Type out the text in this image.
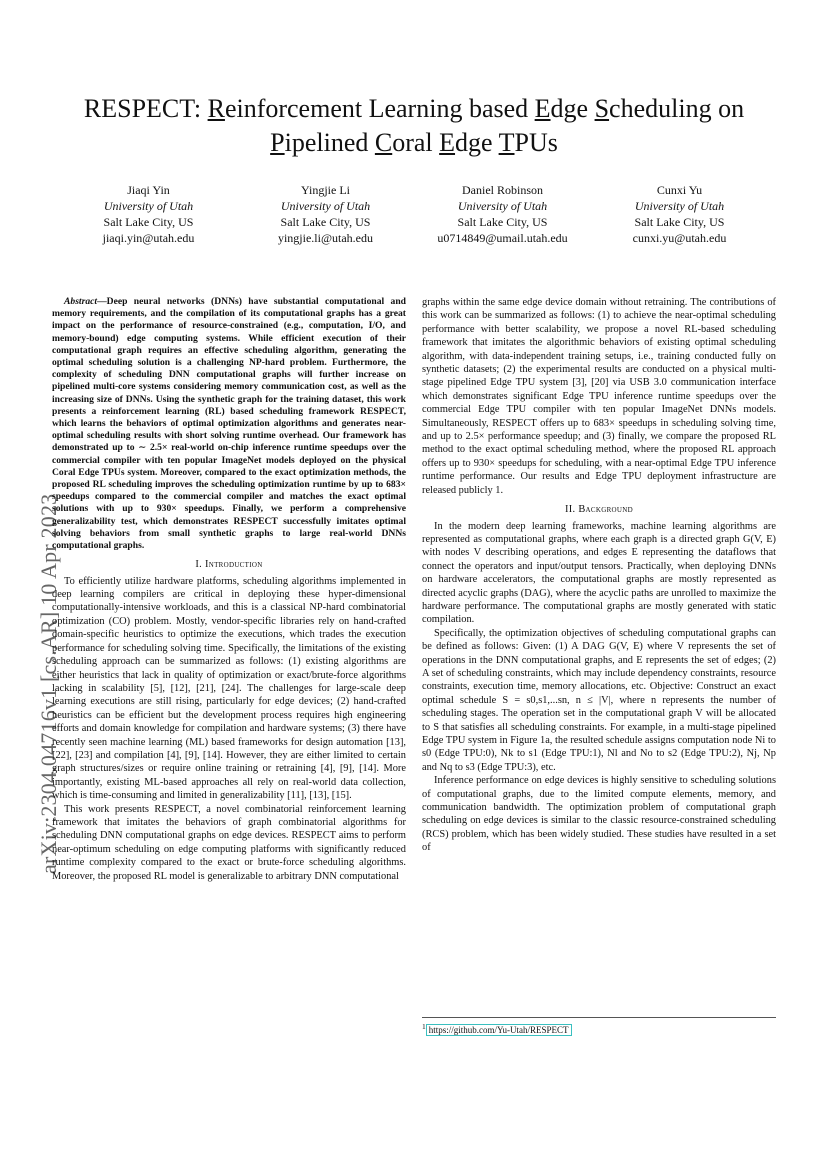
RESPECT: Reinforcement Learning based Edge Scheduling on
Pipelined Coral Edge TPUs
Jiaqi Yin
University of Utah
Salt Lake City, US
jiaqi.yin@utah.edu
Yingjie Li
University of Utah
Salt Lake City, US
yingjie.li@utah.edu
Daniel Robinson
University of Utah
Salt Lake City, US
u0714849@umail.utah.edu
Cunxi Yu
University of Utah
Salt Lake City, US
cunxi.yu@utah.edu
arXiv:2304.04716v1 [cs.AR] 10 Apr 2023

Abstract—Deep neural networks (DNNs) have substantial computational and memory requirements, and the compilation of its computational graphs has a great impact on the performance of resource-constrained (e.g., computation, I/O, and memory-bound) edge computing systems. While efficient execution of their computational graph requires an effective scheduling algorithm, generating the optimal scheduling solution is a challenging NP-hard problem. Furthermore, the complexity of scheduling DNN computational graphs will further increase on pipelined multi-core systems considering memory communication cost, as well as the increasing size of DNNs. Using the synthetic graph for the training dataset, this work presents a reinforcement learning (RL) based scheduling framework RESPECT, which learns the behaviors of optimal optimization algorithms and generates near-optimal scheduling results with short solving runtime overhead. Our framework has demonstrated up to ∼ 2.5× real-world on-chip inference runtime speedups over the commercial compiler with ten popular ImageNet models deployed on the physical Coral Edge TPUs system. Moreover, compared to the exact optimization methods, the proposed RL scheduling improves the scheduling optimization runtime by up to 683× speedups compared to the commercial compiler and matches the exact optimal solutions with up to 930× speedups. Finally, we perform a comprehensive generalizability test, which demonstrates RESPECT successfully imitates optimal solving behaviors from small synthetic graphs to large real-world DNNs computational graphs.

I. Introduction

To efficiently utilize hardware platforms, scheduling algorithms implemented in deep learning compilers are critical in deploying these hyper-dimensional computationally-intensive workloads, and this is a classical NP-hard combinatorial optimization (CO) problem. Mostly, vendor-specific libraries rely on hand-crafted domain-specific heuristics to optimize the executions, which trades the execution performance for scheduling solving time. Specifically, the limitations of the existing scheduling approach can be summarized as follows: (1) existing algorithms are either heuristics that lack in quality of optimization or exact/brute-force algorithms lacking in scalability [5], [12], [21], [24]. The challenges for large-scale deep learning executions are still rising, particularly for edge devices; (2) hand-crafted heuristics can be efficient but the development process requires high engineering efforts and domain knowledge for compilation and hardware systems; (3) there have recently seen machine learning (ML) based frameworks for design automation [13], [22], [23] and compilation [4], [9], [14]. However, they are either limited to certain graph structures/sizes or require online training or retraining [4], [9], [14]. More importantly, existing ML-based approaches all rely on real-world data collection, which is time-consuming and limited in generalizability [11], [13], [15].

This work presents RESPECT, a novel combinatorial reinforcement learning framework that imitates the behaviors of graph combinatorial algorithms for scheduling DNN computational graphs on edge devices. RESPECT aims to perform near-optimum scheduling on edge computing platforms with significantly reduced runtime complexity compared to the exact or brute-force scheduling algorithms. Moreover, the proposed RL model is generalizable to arbitrary DNN computational

graphs within the same edge device domain without retraining. The contributions of this work can be summarized as follows: (1) to achieve the near-optimal scheduling performance with better scalability, we propose a novel RL-based scheduling framework that imitates the algorithmic behaviors of existing optimal scheduling algorithm, with data-independent training setups, i.e., training conducted fully on synthetic datasets; (2) the experimental results are conducted on a physical multi-stage pipelined Edge TPU system [3], [20] via USB 3.0 communication interface which demonstrates significant Edge TPU inference runtime speedups over the commercial Edge TPU compiler with ten popular ImageNet DNNs models. Simultaneously, RESPECT offers up to 683× speedups in scheduling solving time, and up to 2.5× performance speedup; and (3) finally, we compare the proposed RL method to the exact optimal scheduling method, where the proposed RL approach offers up to 930× speedups for scheduling, with a near-optimal Edge TPU inference runtime performance. Our results and Edge TPU deployment infrastructure are released publicly 1.

II. Background

In the modern deep learning frameworks, machine learning algorithms are represented as computational graphs, where each graph is a directed graph G(V, E) with nodes V describing operations, and edges E representing the dataflows that connect the operators and input/output tensors. Practically, when deploying DNNs on hardware accelerators, the computational graphs are mostly represented as directed acyclic graphs (DAG), where the acyclic paths are unrolled to maximize the hardware performance. The computational graphs are mostly generated with static compilation.

Specifically, the optimization objectives of scheduling computational graphs can be defined as follows: Given: (1) A DAG G(V, E) where V represents the set of operations in the DNN computational graphs, and E represents the set of edges; (2) A set of scheduling constraints, which may include dependency constraints, resource constraints, execution time, memory allocations, etc. Objective: Construct an exact optimal schedule S = s0,s1,...sn, n ≤ |V|, where n represents the number of scheduling stages. The operation set in the computational graph V will be allocated to S that satisfies all scheduling constraints. For example, in a multi-stage pipelined Edge TPU system in Figure 1a, the resulted schedule assigns computation node Ni to s0 (Edge TPU:0), Nk to s1 (Edge TPU:1), Nl and No to s2 (Edge TPU:2), Nj, Np and Nq to s3 (Edge TPU:3), etc.

Inference performance on edge devices is highly sensitive to scheduling solutions of computational graphs, due to the limited compute elements, memory, and communication bandwidth. The optimization problem of computational graph scheduling on edge devices is similar to the classic resource-constrained scheduling (RCS) problem, which has been widely studied. These studies have resulted in a set of

$^1$ https://github.com/Yu-Utah/RESPECT
